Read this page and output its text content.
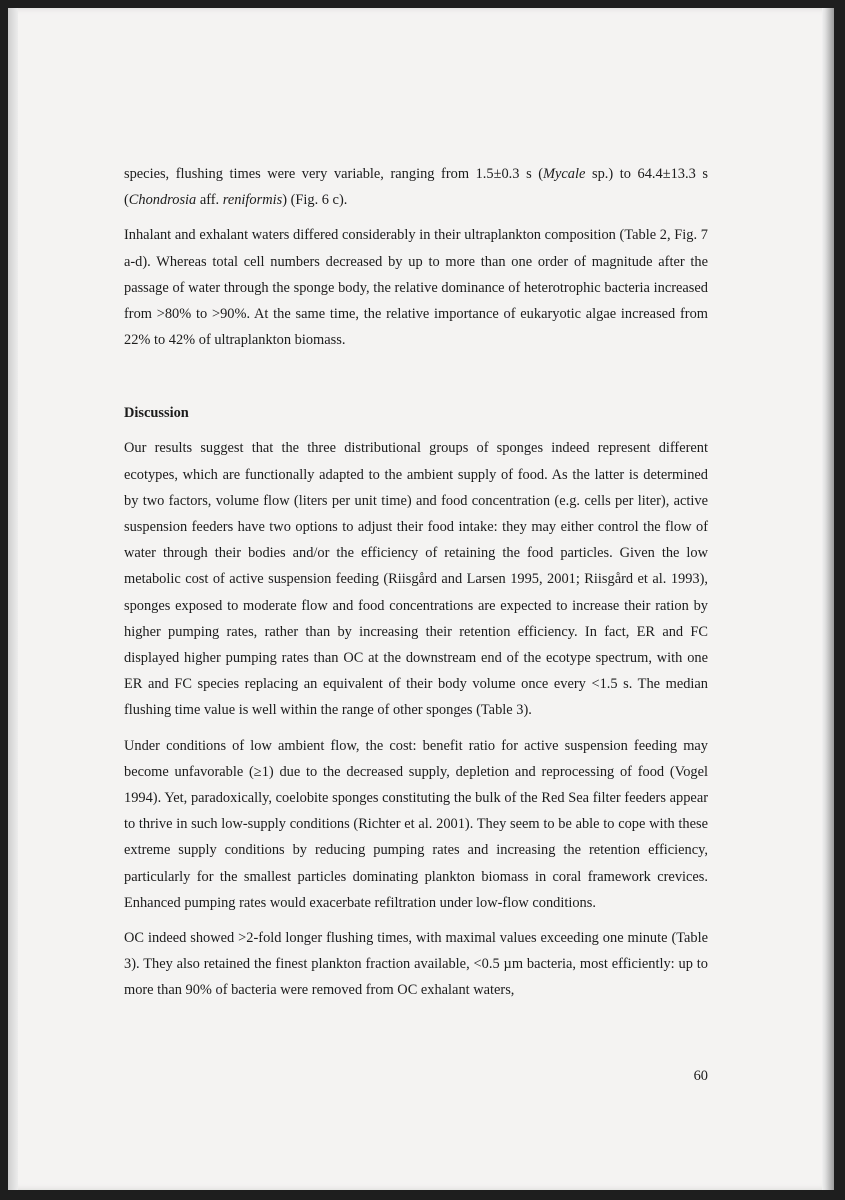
species, flushing times were very variable, ranging from 1.5±0.3 s (Mycale sp.) to 64.4±13.3 s (Chondrosia aff. reniformis) (Fig. 6 c).

Inhalant and exhalant waters differed considerably in their ultraplankton composition (Table 2, Fig. 7 a-d). Whereas total cell numbers decreased by up to more than one order of magnitude after the passage of water through the sponge body, the relative dominance of heterotrophic bacteria increased from >80% to >90%. At the same time, the relative importance of eukaryotic algae increased from 22% to 42% of ultraplankton biomass.

Discussion

Our results suggest that the three distributional groups of sponges indeed represent different ecotypes, which are functionally adapted to the ambient supply of food. As the latter is determined by two factors, volume flow (liters per unit time) and food concentration (e.g. cells per liter), active suspension feeders have two options to adjust their food intake: they may either control the flow of water through their bodies and/or the efficiency of retaining the food particles. Given the low metabolic cost of active suspension feeding (Riisgård and Larsen 1995, 2001; Riisgård et al. 1993), sponges exposed to moderate flow and food concentrations are expected to increase their ration by higher pumping rates, rather than by increasing their retention efficiency. In fact, ER and FC displayed higher pumping rates than OC at the downstream end of the ecotype spectrum, with one ER and FC species replacing an equivalent of their body volume once every <1.5 s. The median flushing time value is well within the range of other sponges (Table 3).

Under conditions of low ambient flow, the cost: benefit ratio for active suspension feeding may become unfavorable (≥1) due to the decreased supply, depletion and reprocessing of food (Vogel 1994). Yet, paradoxically, coelobite sponges constituting the bulk of the Red Sea filter feeders appear to thrive in such low-supply conditions (Richter et al. 2001). They seem to be able to cope with these extreme supply conditions by reducing pumping rates and increasing the retention efficiency, particularly for the smallest particles dominating plankton biomass in coral framework crevices. Enhanced pumping rates would exacerbate refiltration under low-flow conditions.

OC indeed showed >2-fold longer flushing times, with maximal values exceeding one minute (Table 3). They also retained the finest plankton fraction available, <0.5 µm bacteria, most efficiently: up to more than 90% of bacteria were removed from OC exhalant waters,

60
